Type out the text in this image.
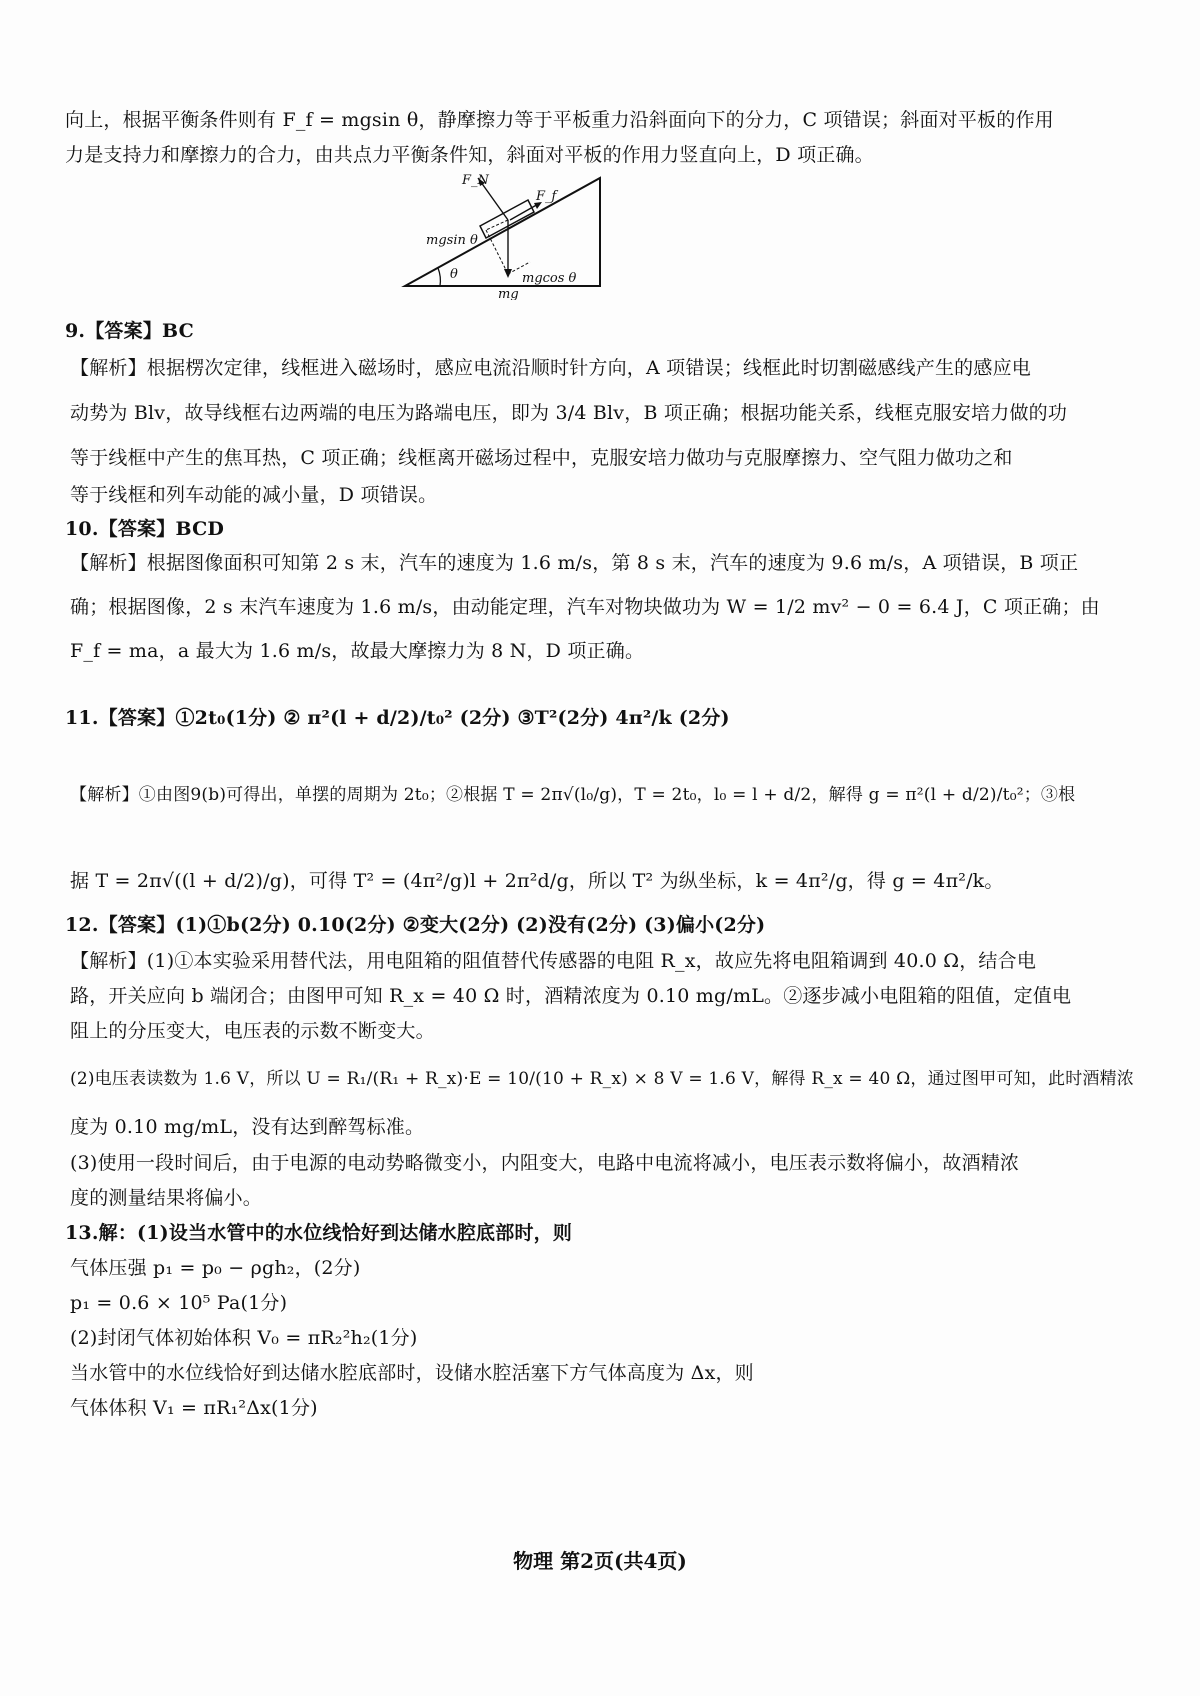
向上，根据平衡条件则有 F_f = mgsin θ，静摩擦力等于平板重力沿斜面向下的分力，C 项错误；斜面对平板的作用
力是支持力和摩擦力的合力，由共点力平衡条件知，斜面对平板的作用力竖直向上，D 项正确。
F_N
F_f
mgsin θ
θ	mgcos θ
mg
9.【答案】BC
【解析】根据楞次定律，线框进入磁场时，感应电流沿顺时针方向，A 项错误；线框此时切割磁感线产生的感应电
动势为 Blv，故导线框右边两端的电压为路端电压，即为 3/4 Blv，B 项正确；根据功能关系，线框克服安培力做的功
等于线框中产生的焦耳热，C 项正确；线框离开磁场过程中，克服安培力做功与克服摩擦力、空气阻力做功之和
等于线框和列车动能的减小量，D 项错误。
10.【答案】BCD
【解析】根据图像面积可知第 2 s 末，汽车的速度为 1.6 m/s，第 8 s 末，汽车的速度为 9.6 m/s，A 项错误，B 项正
确；根据图像，2 s 末汽车速度为 1.6 m/s，由动能定理，汽车对物块做功为 W = 1/2 mv² − 0 = 6.4 J，C 项正确；由
F_f = ma，a 最大为 1.6 m/s，故最大摩擦力为 8 N，D 项正确。
11.【答案】①2t₀(1分) ② π²(l + d/2)/t₀² (2分) ③T²(2分) 4π²/k (2分)
【解析】①由图9(b)可得出，单摆的周期为 2t₀；②根据 T = 2π√(l₀/g)，T = 2t₀，l₀ = l + d/2，解得 g = π²(l + d/2)/t₀²；③根
据 T = 2π√((l + d/2)/g)，可得 T² = (4π²/g)l + 2π²d/g，所以 T² 为纵坐标，k = 4π²/g，得 g = 4π²/k。
12.【答案】(1)①b(2分) 0.10(2分) ②变大(2分) (2)没有(2分) (3)偏小(2分)
【解析】(1)①本实验采用替代法，用电阻箱的阻值替代传感器的电阻 R_x，故应先将电阻箱调到 40.0 Ω，结合电
路，开关应向 b 端闭合；由图甲可知 R_x = 40 Ω 时，酒精浓度为 0.10 mg/mL。②逐步减小电阻箱的阻值，定值电
阻上的分压变大，电压表的示数不断变大。
(2)电压表读数为 1.6 V，所以 U = R₁/(R₁ + R_x)·E = 10/(10 + R_x) × 8 V = 1.6 V，解得 R_x = 40 Ω，通过图甲可知，此时酒精浓
度为 0.10 mg/mL，没有达到醉驾标准。
(3)使用一段时间后，由于电源的电动势略微变小，内阻变大，电路中电流将减小，电压表示数将偏小，故酒精浓
度的测量结果将偏小。
13.解：(1)设当水管中的水位线恰好到达储水腔底部时，则
气体压强 p₁ = p₀ − ρgh₂，(2分)
p₁ = 0.6 × 10⁵ Pa(1分)
(2)封闭气体初始体积 V₀ = πR₂²h₂(1分)
当水管中的水位线恰好到达储水腔底部时，设储水腔活塞下方气体高度为 Δx，则
气体体积 V₁ = πR₁²Δx(1分)
物理 第2页(共4页)
